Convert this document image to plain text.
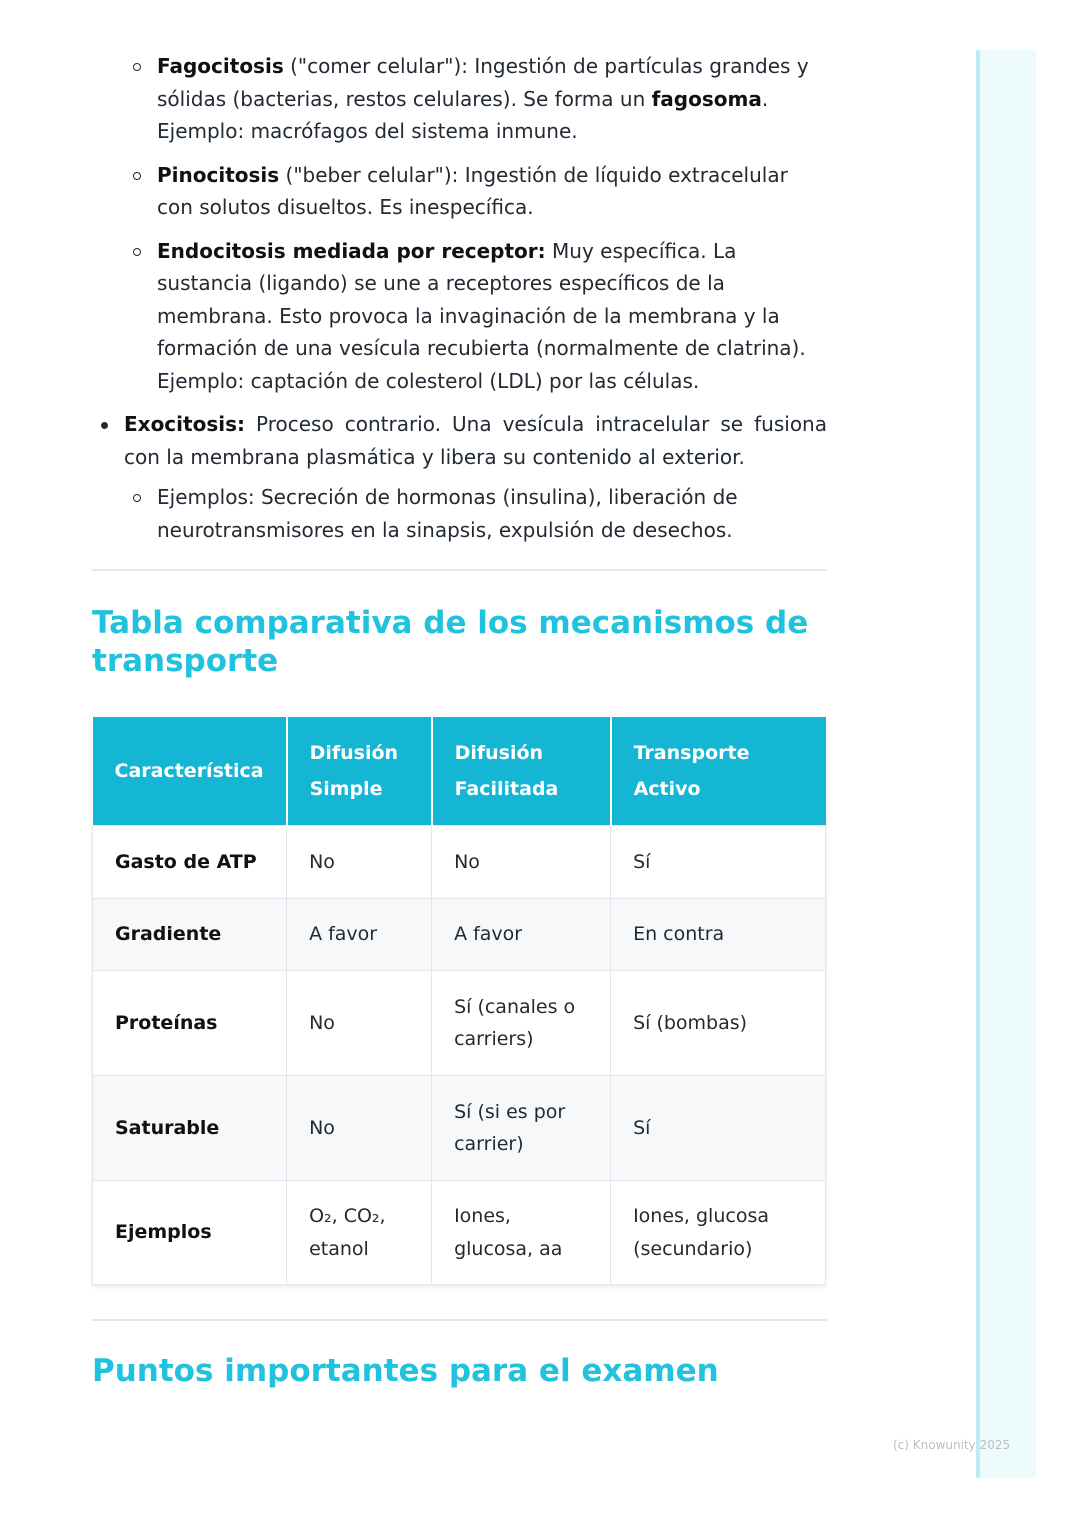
Fagocitosis ("comer celular"): Ingestión de partículas grandes y sólidas (bacterias, restos celulares). Se forma un fagosoma. Ejemplo: macrófagos del sistema inmune.
Pinocitosis ("beber celular"): Ingestión de líquido extracelular con solutos disueltos. Es inespecífica.
Endocitosis mediada por receptor: Muy específica. La sustancia (ligando) se une a receptores específicos de la membrana. Esto provoca la invaginación de la membrana y la formación de una vesícula recubierta (normalmente de clatrina). Ejemplo: captación de colesterol (LDL) por las células.
Exocitosis: Proceso contrario. Una vesícula intracelular se fusiona con la membrana plasmática y libera su contenido al exterior.
Ejemplos: Secreción de hormonas (insulina), liberación de neurotransmisores en la sinapsis, expulsión de desechos.
Tabla comparativa de los mecanismos de transporte
Característica	Difusión Simple	Difusión Facilitada	Transporte Activo
Gasto de ATP	No	No	Sí
Gradiente	A favor	A favor	En contra
Proteínas	No	Sí (canales o carriers)	Sí (bombas)
Saturable	No	Sí (si es por carrier)	Sí
Ejemplos	O₂, CO₂, etanol	Iones, glucosa, aa	Iones, glucosa (secundario)
Puntos importantes para el examen
(c) Knowunity 2025
